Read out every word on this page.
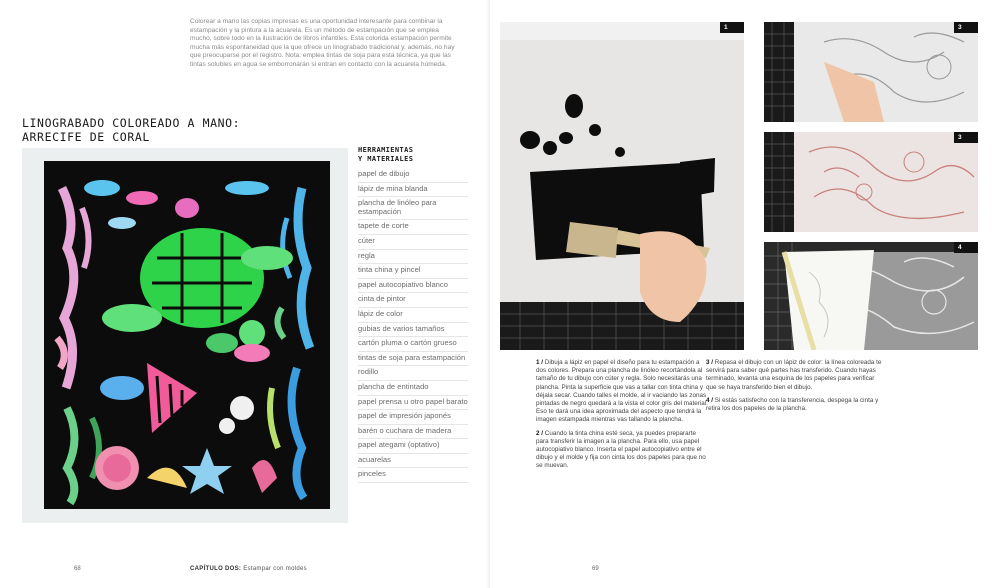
Colorear a mano las copias impresas es una oportunidad interesante para combinar la estampación y la pintura a la acuarela. Es un método de estampación que se emplea mucho, sobre todo en la ilustración de libros infantiles. Esta colorida estampación permite mucha más espontaneidad que la que ofrece un linograbado tradicional y, además, no hay que preocuparse por el registro. Nota: emplea tintas de soja para esta técnica, ya que las tintas solubles en agua se emborronarán si entran en contacto con la acuarela húmeda.

LINOGRABADO COLOREADO A MANO:
ARRECIFE DE CORAL
HERRAMIENTAS
Y MATERIALES
papel de dibujo
lápiz de mina blanda
plancha de linóleo para estampación
tapete de corte
cúter
regla
tinta china y pincel
papel autocopiativo blanco
cinta de pintor
lápiz de color
gubias de varios tamaños
cartón pluma o cartón grueso
tintas de soja para estampación
rodillo
plancha de entintado
papel prensa u otro papel barato
papel de impresión japonés
barén o cuchara de madera
papel ategami (optativo)
acuarelas
pinceles
68	CAPÍTULO DOS: Estampar con moldes
1	3
3
4

1 / Dibuja a lápiz en papel el diseño para tu estampación a dos colores. Prepara una plancha de linóleo recortándola al tamaño de tu dibujo con cúter y regla. Solo necesitarás una plancha. Pinta la superficie que vas a tallar con tinta china y déjala secar. Cuando talles el molde, al ir vaciando las zonas pintadas de negro quedará a la vista el color gris del material. Eso te dará una idea aproximada del aspecto que tendrá la imagen estampada mientras vas tallando la plancha.

2 / Cuando la tinta china esté seca, ya puedes prepararte para transferir la imagen a la plancha. Para ello, usa papel autocopiativo blanco. Inserta el papel autocopiativo entre el dibujo y el molde y fija con cinta los dos papeles para que no se muevan.

3 / Repasa el dibujo con un lápiz de color: la línea coloreada te servirá para saber qué partes has transferido. Cuando hayas terminado, levanta una esquina de los papeles para verificar que se haya transferido bien el dibujo.

4 / Si estás satisfecho con la transferencia, despega la cinta y retira los dos papeles de la plancha.

69
